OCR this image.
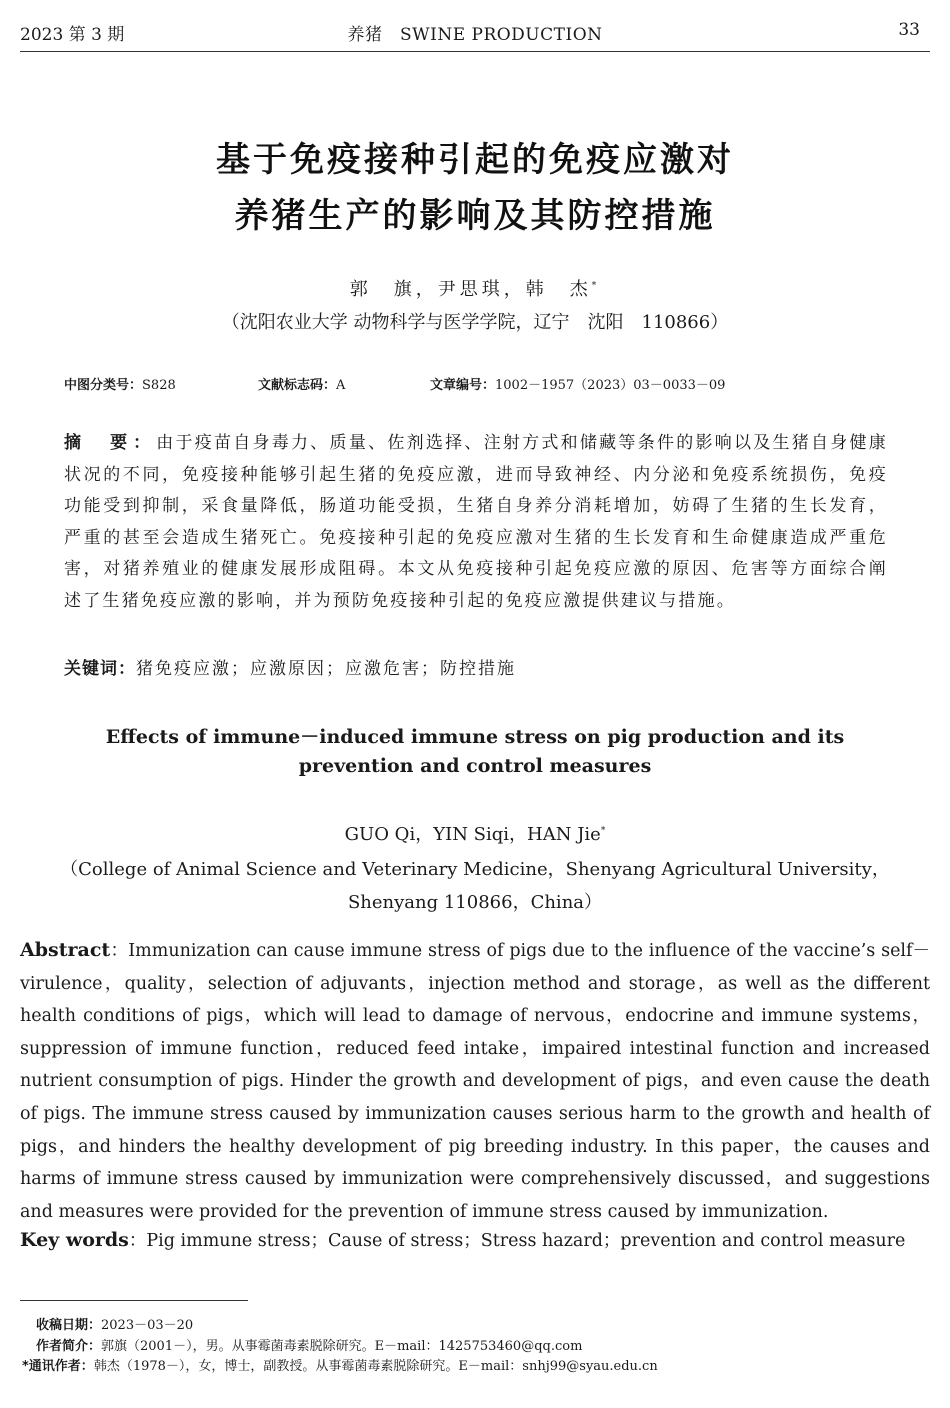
2023 第 3 期	养猪　SWINE PRODUCTION	33
基于免疫接种引起的免疫应激对
养猪生产的影响及其防控措施
郭　旗，尹思琪，韩　杰*
（沈阳农业大学 动物科学与医学学院，辽宁　沈阳　110866）
中图分类号：S828	文献标志码：A	文章编号：1002－1957（2023）03－0033－09
摘　要：由于疫苗自身毒力、质量、佐剂选择、注射方式和储藏等条件的影响以及生猪自身健康状况的不同，免疫接种能够引起生猪的免疫应激，进而导致神经、内分泌和免疫系统损伤，免疫功能受到抑制，采食量降低，肠道功能受损，生猪自身养分消耗增加，妨碍了生猪的生长发育，严重的甚至会造成生猪死亡。免疫接种引起的免疫应激对生猪的生长发育和生命健康造成严重危害，对猪养殖业的健康发展形成阻碍。本文从免疫接种引起免疫应激的原因、危害等方面综合阐述了生猪免疫应激的影响，并为预防免疫接种引起的免疫应激提供建议与措施。
关键词：猪免疫应激；应激原因；应激危害；防控措施
Effects of immune－induced immune stress on pig production and its
prevention and control measures
GUO Qi，YIN Siqi，HAN Jie*
（College of Animal Science and Veterinary Medicine，Shenyang Agricultural University，
Shenyang 110866，China）
Abstract：Immunization can cause immune stress of pigs due to the influence of the vaccine’s self－virulence，quality，selection of adjuvants，injection method and storage，as well as the different health conditions of pigs，which will lead to damage of nervous，endocrine and immune systems，suppression of immune function，reduced feed intake，impaired intestinal function and increased nutrient consumption of pigs. Hinder the growth and development of pigs，and even cause the death of pigs. The immune stress caused by immunization causes serious harm to the growth and health of pigs，and hinders the healthy development of pig breeding industry. In this paper，the causes and harms of immune stress caused by immunization were comprehensively discussed，and suggestions and measures were provided for the prevention of immune stress caused by immunization.
Key words：Pig immune stress；Cause of stress；Stress hazard；prevention and control measure
收稿日期：2023－03－20
作者简介：郭旗（2001－），男。从事霉菌毒素脱除研究。E－mail：1425753460@qq.com
*通讯作者：韩杰（1978－），女，博士，副教授。从事霉菌毒素脱除研究。E－mail：snhj99@syau.edu.cn
